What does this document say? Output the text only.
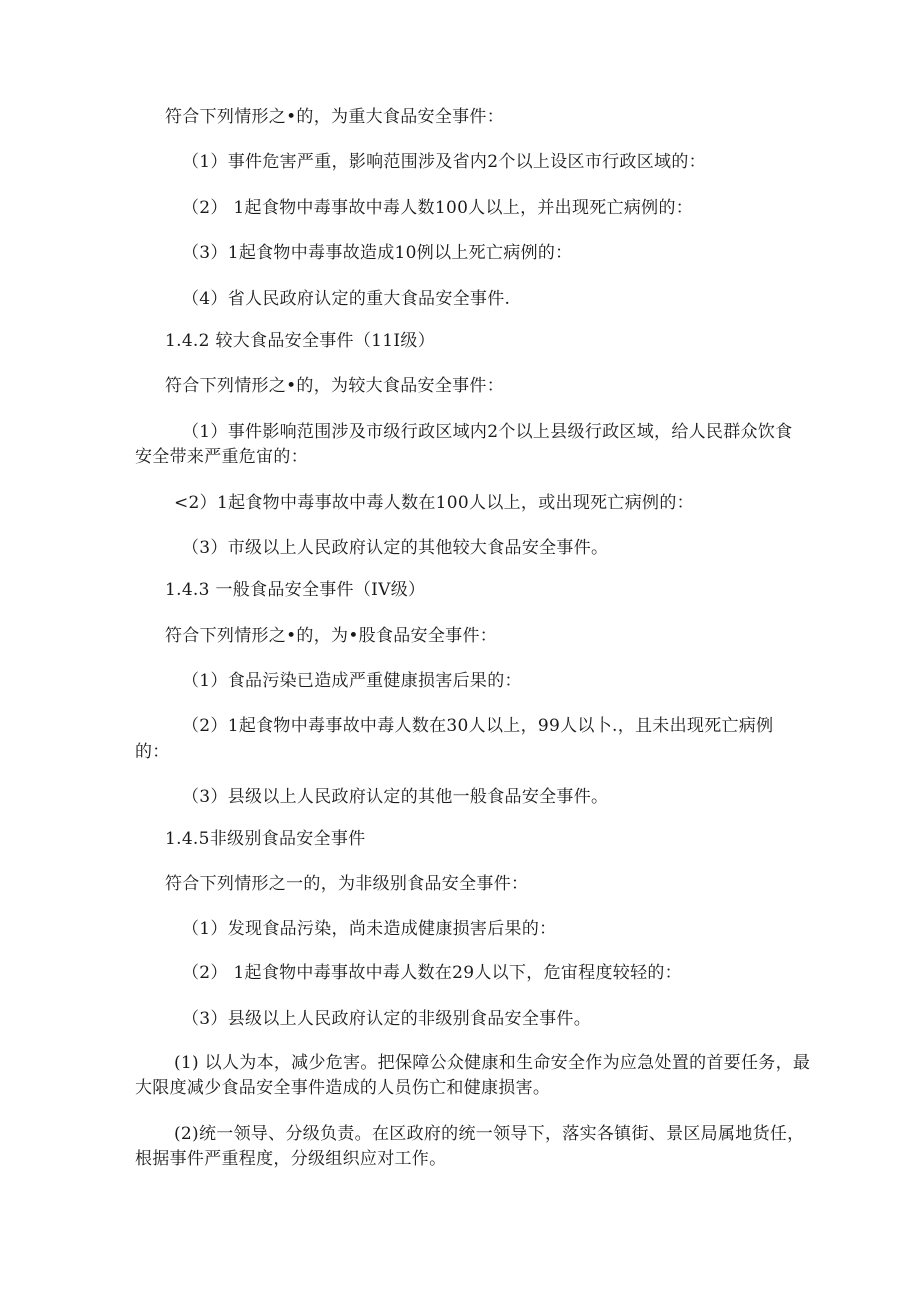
符合下列情形之•的，为重大食品安全事件：

（1）事件危害严重，影响范围涉及省内2个以上设区市行政区域的：

（2） 1起食物中毒事故中毒人数100人以上，并出现死亡病例的：

（3）1起食物中毒事故造成10例以上死亡病例的：

（4）省人民政府认定的重大食品安全事件.

1.4.2 较大食品安全事件（11I级）

符合下列情形之•的，为较大食品安全事件：

（1）事件影响范围涉及市级行政区域内2个以上县级行政区域，给人民群众饮食

安全带来严重危宙的：

<2）1起食物中毒事故中毒人数在100人以上，或出现死亡病例的：

（3）市级以上人民政府认定的其他较大食品安全事件。

1.4.3 一般食品安全事件（IV级）

符合下列情形之•的，为•股食品安全事件：

（1）食品污染已造成严重健康损害后果的：

（2）1起食物中毒事故中毒人数在30人以上，99人以卜.，且未出现死亡病例

的：

（3）县级以上人民政府认定的其他一般食品安全事件。

1.4.5非级别食品安全事件

符合下列情形之一的，为非级别食品安全事件：

（1）发现食品污染，尚未造成健康损害后果的：

（2） 1起食物中毒事故中毒人数在29人以下，危宙程度较轻的：

（3）县级以上人民政府认定的非级别食品安全事件。

(1) 以人为本，减少危害。把保障公众健康和生命安全作为应急处置的首要任务，最

大限度减少食品安全事件造成的人员伤亡和健康损害。

(2)统一领导、分级负责。在区政府的统一领导下，落实各镇街、景区局属地货任，

根据事件严重程度，分级组织应对工作。
